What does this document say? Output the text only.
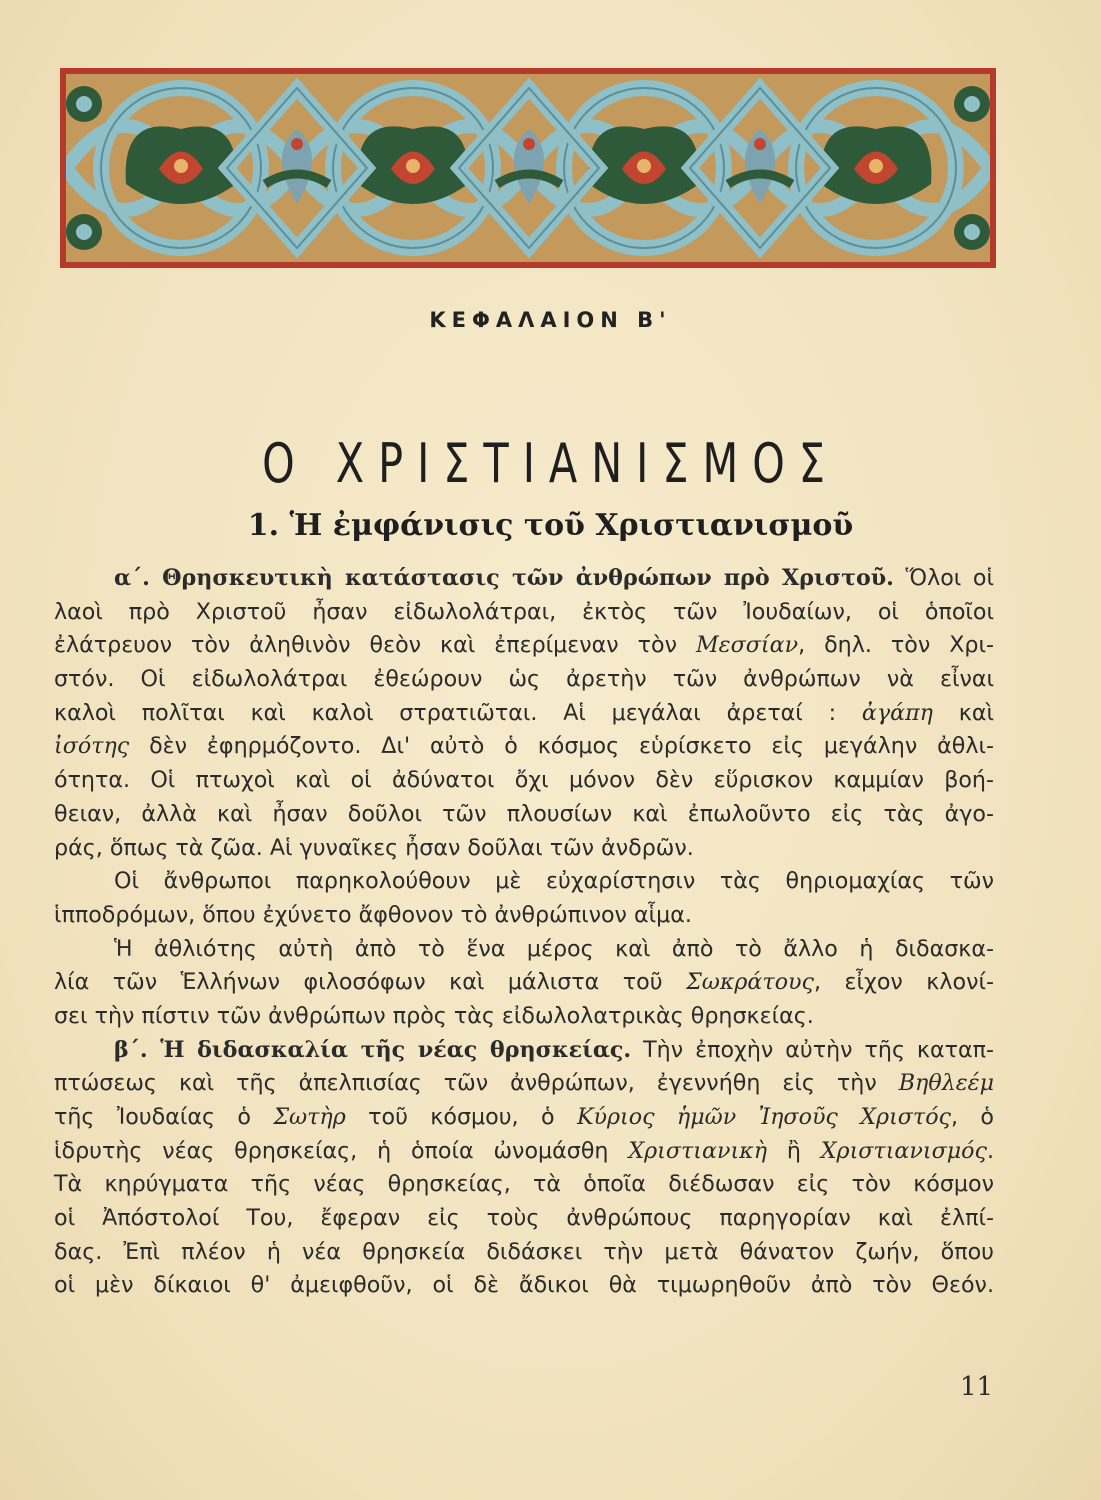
ΚΕΦΑΛΑΙΟΝ Β'
Ο ΧΡΙΣΤΙΑΝΙΣΜΟΣ
1. Ἡ ἐμφάνισις τοῦ Χριστιανισμοῦ
α΄. Θρησκευτικὴ κατάστασις τῶν ἀνθρώπων πρὸ Χριστοῦ. Ὅλοι οἱ
λαοὶ πρὸ Χριστοῦ ἦσαν εἰδωλολάτραι, ἐκτὸς τῶν Ἰουδαίων, οἱ ὁποῖοι
ἐλάτρευον τὸν ἀληθινὸν θεὸν καὶ ἐπερίμεναν τὸν Μεσσίαν, δηλ. τὸν Χρι-
στόν. Οἱ εἰδωλολάτραι ἐθεώρουν ὡς ἀρετὴν τῶν ἀνθρώπων νὰ εἶναι
καλοὶ πολῖται καὶ καλοὶ στρατιῶται. Αἱ μεγάλαι ἀρεταί : ἀγάπη καὶ
ἰσότης δὲν ἐφηρμόζοντο. Δι' αὐτὸ ὁ κόσμος εὑρίσκετο εἰς μεγάλην ἀθλι-
ότητα. Οἱ πτωχοὶ καὶ οἱ ἀδύνατοι ὄχι μόνον δὲν εὕρισκον καμμίαν βοή-
θειαν, ἀλλὰ καὶ ἦσαν δοῦλοι τῶν πλουσίων καὶ ἐπωλοῦντο εἰς τὰς ἀγο-
ράς, ὅπως τὰ ζῶα. Αἱ γυναῖκες ἦσαν δοῦλαι τῶν ἀνδρῶν.
Οἱ ἄνθρωποι παρηκολούθουν μὲ εὐχαρίστησιν τὰς θηριομαχίας τῶν
ἱπποδρόμων, ὅπου ἐχύνετο ἄφθονον τὸ ἀνθρώπινον αἷμα.
Ἡ ἀθλιότης αὐτὴ ἀπὸ τὸ ἕνα μέρος καὶ ἀπὸ τὸ ἄλλο ἡ διδασκα-
λία τῶν Ἑλλήνων φιλοσόφων καὶ μάλιστα τοῦ Σωκράτους, εἶχον κλονί-
σει τὴν πίστιν τῶν ἀνθρώπων πρὸς τὰς εἰδωλολατρικὰς θρησκείας.
β΄. Ἡ διδασκαλία τῆς νέας θρησκείας. Τὴν ἐποχὴν αὐτὴν τῆς καταπ-
πτώσεως καὶ τῆς ἀπελπισίας τῶν ἀνθρώπων, ἐγεννήθη εἰς τὴν Βηθλεέμ
τῆς Ἰουδαίας ὁ Σωτὴρ τοῦ κόσμου, ὁ Κύριος ἡμῶν Ἰησοῦς Χριστός, ὁ
ἱδρυτὴς νέας θρησκείας, ἡ ὁποία ὠνομάσθη Χριστιανικὴ ἢ Χριστιανισμός.
Τὰ κηρύγματα τῆς νέας θρησκείας, τὰ ὁποῖα διέδωσαν εἰς τὸν κόσμον
οἱ Ἀπόστολοί Του, ἔφεραν εἰς τοὺς ἀνθρώπους παρηγορίαν καὶ ἐλπί-
δας. Ἐπὶ πλέον ἡ νέα θρησκεία διδάσκει τὴν μετὰ θάνατον ζωήν, ὅπου
οἱ μὲν δίκαιοι θ' ἀμειφθοῦν, οἱ δὲ ἄδικοι θὰ τιμωρηθοῦν ἀπὸ τὸν Θεόν.
11
